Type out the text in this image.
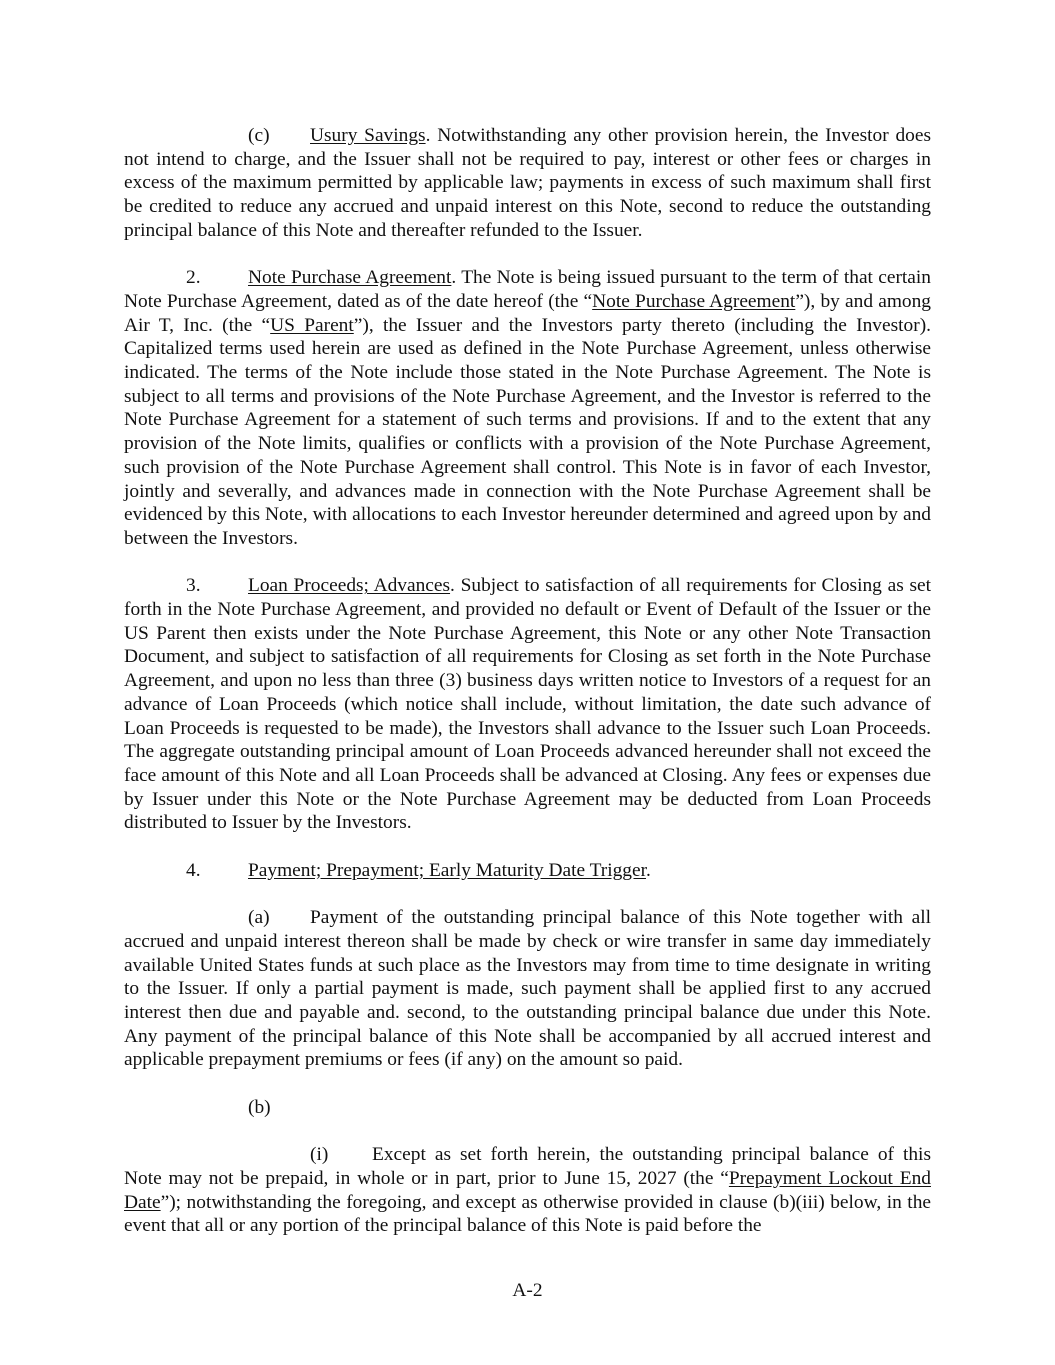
(c) Usury Savings. Notwithstanding any other provision herein, the Investor does not intend to charge, and the Issuer shall not be required to pay, interest or other fees or charges in excess of the maximum permitted by applicable law; payments in excess of such maximum shall first be credited to reduce any accrued and unpaid interest on this Note, second to reduce the outstanding principal balance of this Note and thereafter refunded to the Issuer.

2. Note Purchase Agreement. The Note is being issued pursuant to the term of that certain Note Purchase Agreement, dated as of the date hereof (the “Note Purchase Agreement”), by and among Air T, Inc. (the “US Parent”), the Issuer and the Investors party thereto (including the Investor). Capitalized terms used herein are used as defined in the Note Purchase Agreement, unless otherwise indicated. The terms of the Note include those stated in the Note Purchase Agreement. The Note is subject to all terms and provisions of the Note Purchase Agreement, and the Investor is referred to the Note Purchase Agreement for a statement of such terms and provisions. If and to the extent that any provision of the Note limits, qualifies or conflicts with a provision of the Note Purchase Agreement, such provision of the Note Purchase Agreement shall control. This Note is in favor of each Investor, jointly and severally, and advances made in connection with the Note Purchase Agreement shall be evidenced by this Note, with allocations to each Investor hereunder determined and agreed upon by and between the Investors.

3. Loan Proceeds; Advances. Subject to satisfaction of all requirements for Closing as set forth in the Note Purchase Agreement, and provided no default or Event of Default of the Issuer or the US Parent then exists under the Note Purchase Agreement, this Note or any other Note Transaction Document, and subject to satisfaction of all requirements for Closing as set forth in the Note Purchase Agreement, and upon no less than three (3) business days written notice to Investors of a request for an advance of Loan Proceeds (which notice shall include, without limitation, the date such advance of Loan Proceeds is requested to be made), the Investors shall advance to the Issuer such Loan Proceeds. The aggregate outstanding principal amount of Loan Proceeds advanced hereunder shall not exceed the face amount of this Note and all Loan Proceeds shall be advanced at Closing. Any fees or expenses due by Issuer under this Note or the Note Purchase Agreement may be deducted from Loan Proceeds distributed to Issuer by the Investors.

4. Payment; Prepayment; Early Maturity Date Trigger.

(a) Payment of the outstanding principal balance of this Note together with all accrued and unpaid interest thereon shall be made by check or wire transfer in same day immediately available United States funds at such place as the Investors may from time to time designate in writing to the Issuer. If only a partial payment is made, such payment shall be applied first to any accrued interest then due and payable and. second, to the outstanding principal balance due under this Note. Any payment of the principal balance of this Note shall be accompanied by all accrued interest and applicable prepayment premiums or fees (if any) on the amount so paid.

(b)

(i) Except as set forth herein, the outstanding principal balance of this Note may not be prepaid, in whole or in part, prior to June 15, 2027 (the “Prepayment Lockout End Date”); notwithstanding the foregoing, and except as otherwise provided in clause (b)(iii) below, in the event that all or any portion of the principal balance of this Note is paid before the

A-2
